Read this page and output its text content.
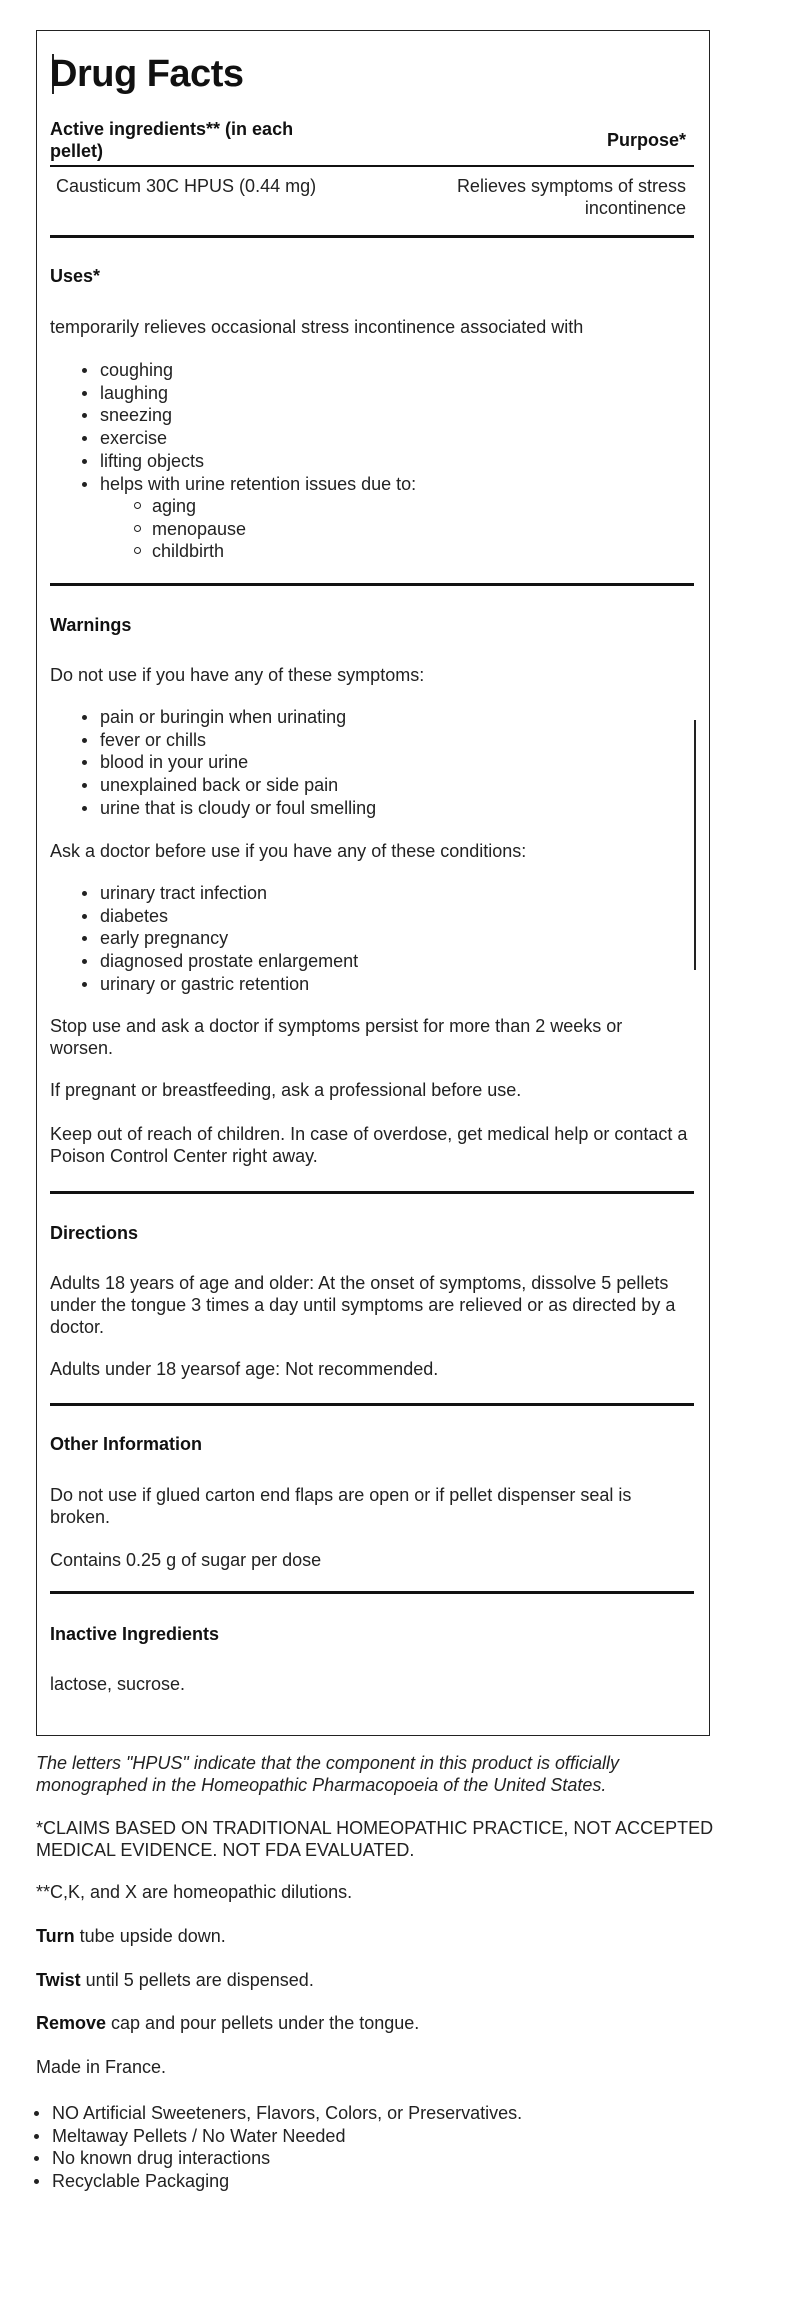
Drug Facts
Active ingredients** (in each pellet)
Purpose*
Causticum 30C HPUS (0.44 mg)	Relieves symptoms of stress incontinence
Uses*
temporarily relieves occasional stress incontinence associated with
coughing
laughing
sneezing
exercise
lifting objects
helps with urine retention issues due to:
aging
menopause
childbirth
Warnings
Do not use if you have any of these symptoms:
pain or buringin when urinating
fever or chills
blood in your urine
unexplained back or side pain
urine that is cloudy or foul smelling
Ask a doctor before use if you have any of these conditions:
urinary tract infection
diabetes
early pregnancy
diagnosed prostate enlargement
urinary or gastric retention
Stop use and ask a doctor if symptoms persist for more than 2 weeks or worsen.
If pregnant or breastfeeding, ask a professional before use.
Keep out of reach of children. In case of overdose, get medical help or contact a Poison Control Center right away.
Directions
Adults 18 years of age and older: At the onset of symptoms, dissolve 5 pellets under the tongue 3 times a day until symptoms are relieved or as directed by a doctor.
Adults under 18 yearsof age: Not recommended.
Other Information
Do not use if glued carton end flaps are open or if pellet dispenser seal is broken.
Contains 0.25 g of sugar per dose
Inactive Ingredients
lactose, sucrose.
The letters "HPUS" indicate that the component in this product is officially monographed in the Homeopathic Pharmacopoeia of the United States.
*CLAIMS BASED ON TRADITIONAL HOMEOPATHIC PRACTICE, NOT ACCEPTED MEDICAL EVIDENCE. NOT FDA EVALUATED.
**C,K, and X are homeopathic dilutions.
Turn tube upside down.
Twist until 5 pellets are dispensed.
Remove cap and pour pellets under the tongue.
Made in France.
NO Artificial Sweeteners, Flavors, Colors, or Preservatives.
Meltaway Pellets / No Water Needed
No known drug interactions
Recyclable Packaging
